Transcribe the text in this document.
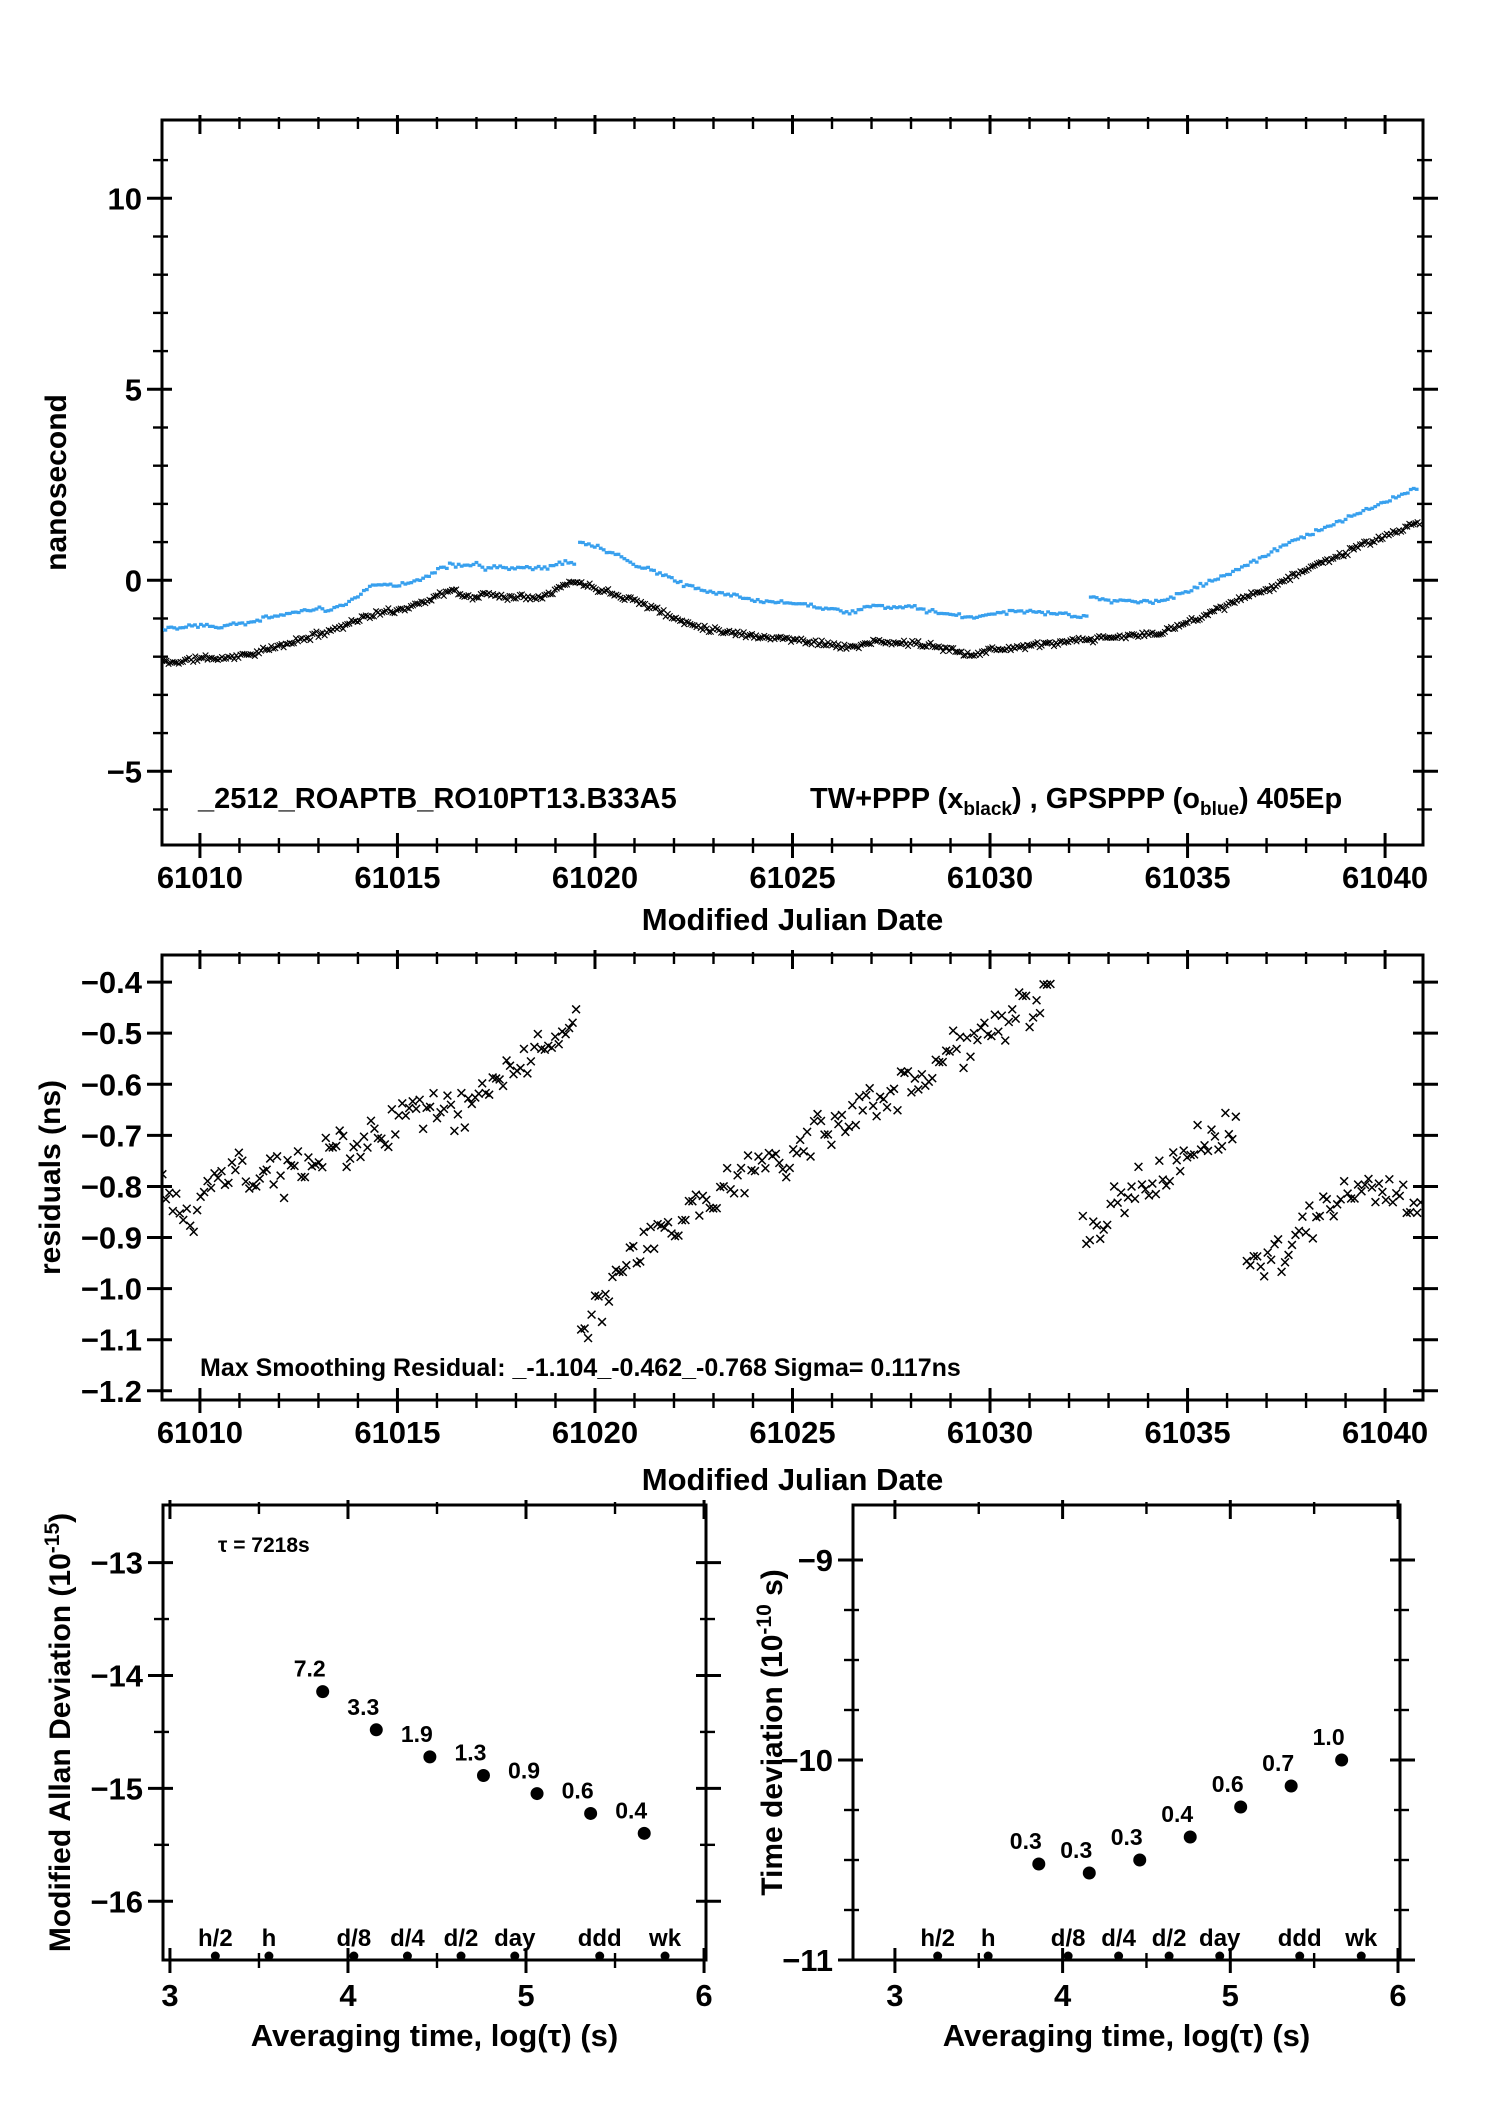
61010	61015	61020	61025	61030	61035	61040
10
5
0
−5
Modified Julian Date
nanosecond
_2512_ROAPTB_RO10PT13.B33A5	TW+PPP $(x_{black})$ , GPSPPP $(o_{blue})$ 405Ep
61010	61015	61020	61025	61030	61035	61040
−0.4
−0.5
−0.6
−0.7
−0.8
−0.9
−1.0
−1.1
−1.2
Modified Julian Date
residuals (ns)
Max Smoothing Residual: _-1.104_-0.462_-0.768 Sigma= 0.117ns
3	4	5	6
−13
−14
−15
−16
Averaging time, log(τ) (s)
Modified Allan Deviation $(10^{-15})$
τ = 7218s
7.2
3.3
1.9
1.3
0.9
0.6
0.4
h/2 h	d/8 d/4 d/2 day ddd wk
3	4	5	6
−9
−10
−11
Averaging time, log(τ) (s)
Time deviation ($10^{-10}$ s)
0.3 0.3 0.3
0.4
0.6
0.7
1.0
h/2 h d/8 d/4 d/2 day ddd wk
